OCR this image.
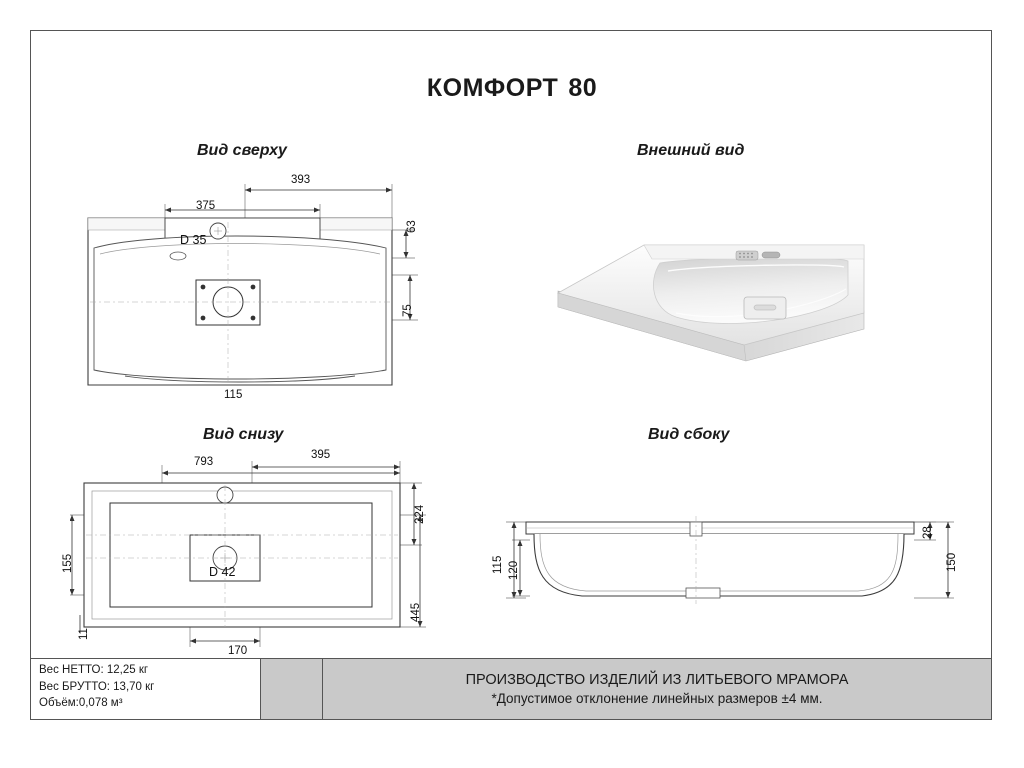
КОМФОРТ 80
Вид сверху	Внешний вид
Вид снизу	Вид сбоку
393
375
63
75
D 35
115
793
395
224
445
155
11
D 42
170
115 120
28
150
Вес НЕТТО: 12,25 кг
Вес БРУТТО: 13,70 кг
Объём:0,078 м³
ПРОИЗВОДСТВО ИЗДЕЛИЙ ИЗ ЛИТЬЕВОГО МРАМОРА
*Допустимое отклонение линейных размеров ±4 мм.
